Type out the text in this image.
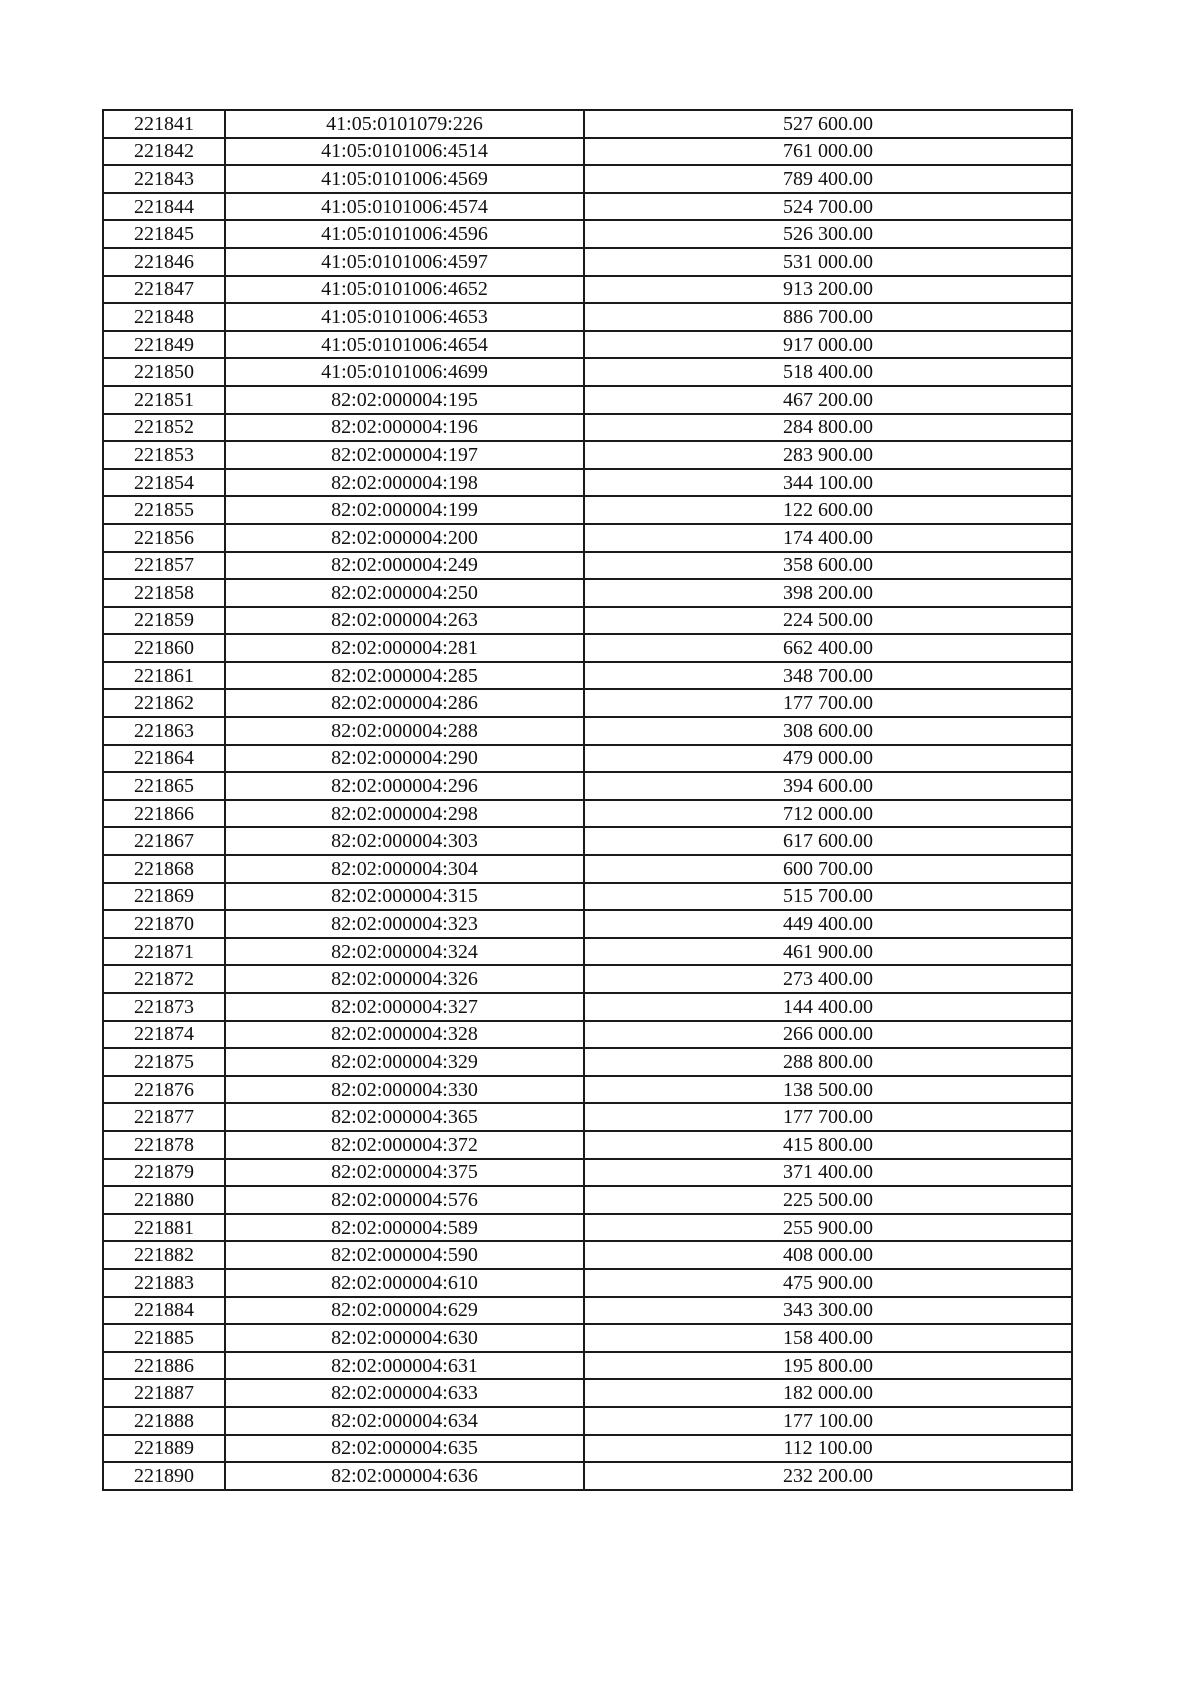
221841	41:05:0101079:226	527 600.00
221842	41:05:0101006:4514	761 000.00
221843	41:05:0101006:4569	789 400.00
221844	41:05:0101006:4574	524 700.00
221845	41:05:0101006:4596	526 300.00
221846	41:05:0101006:4597	531 000.00
221847	41:05:0101006:4652	913 200.00
221848	41:05:0101006:4653	886 700.00
221849	41:05:0101006:4654	917 000.00
221850	41:05:0101006:4699	518 400.00
221851	82:02:000004:195	467 200.00
221852	82:02:000004:196	284 800.00
221853	82:02:000004:197	283 900.00
221854	82:02:000004:198	344 100.00
221855	82:02:000004:199	122 600.00
221856	82:02:000004:200	174 400.00
221857	82:02:000004:249	358 600.00
221858	82:02:000004:250	398 200.00
221859	82:02:000004:263	224 500.00
221860	82:02:000004:281	662 400.00
221861	82:02:000004:285	348 700.00
221862	82:02:000004:286	177 700.00
221863	82:02:000004:288	308 600.00
221864	82:02:000004:290	479 000.00
221865	82:02:000004:296	394 600.00
221866	82:02:000004:298	712 000.00
221867	82:02:000004:303	617 600.00
221868	82:02:000004:304	600 700.00
221869	82:02:000004:315	515 700.00
221870	82:02:000004:323	449 400.00
221871	82:02:000004:324	461 900.00
221872	82:02:000004:326	273 400.00
221873	82:02:000004:327	144 400.00
221874	82:02:000004:328	266 000.00
221875	82:02:000004:329	288 800.00
221876	82:02:000004:330	138 500.00
221877	82:02:000004:365	177 700.00
221878	82:02:000004:372	415 800.00
221879	82:02:000004:375	371 400.00
221880	82:02:000004:576	225 500.00
221881	82:02:000004:589	255 900.00
221882	82:02:000004:590	408 000.00
221883	82:02:000004:610	475 900.00
221884	82:02:000004:629	343 300.00
221885	82:02:000004:630	158 400.00
221886	82:02:000004:631	195 800.00
221887	82:02:000004:633	182 000.00
221888	82:02:000004:634	177 100.00
221889	82:02:000004:635	112 100.00
221890	82:02:000004:636	232 200.00
